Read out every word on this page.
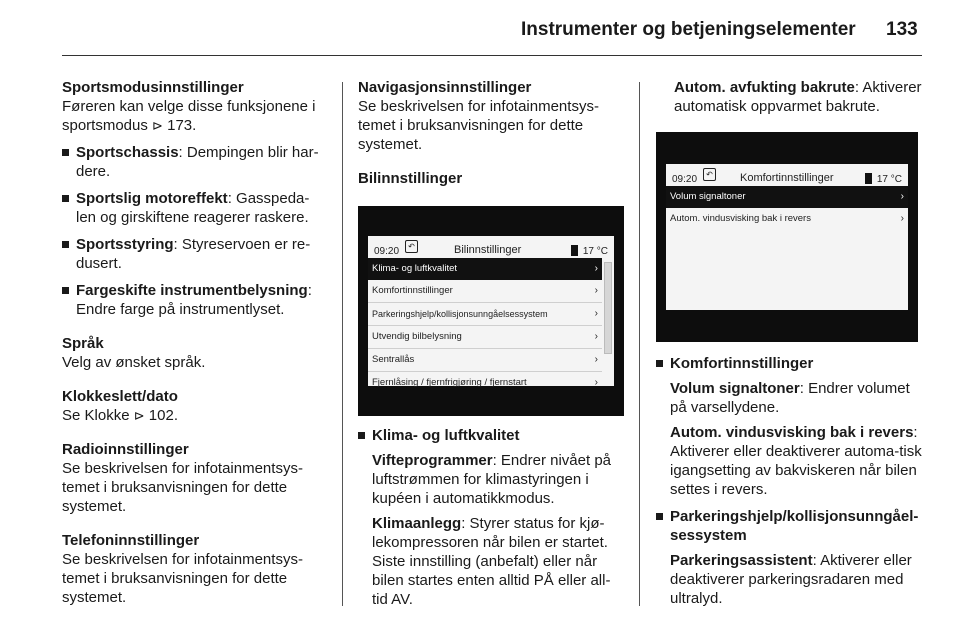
Instrumenter og betjeningselementer 133
Sportsmodusinnstillinger
Føreren kan velge disse funksjonene i sportsmodus ⊳ 173.
Sportschassis: Dempingen blir har-dere.
Sportslig motoreffekt: Gasspeda-len og girskiftene reagerer raskere.
Sportsstyring: Styreservoen er re-dusert.
Fargeskifte instrumentbelysning: Endre farge på instrumentlyset.
Språk
Velg av ønsket språk.
Klokkeslett/dato
Se Klokke ⊳ 102.
Radioinnstillinger
Se beskrivelsen for infotainmentsys-temet i bruksanvisningen for dette systemet.
Telefoninnstillinger
Se beskrivelsen for infotainmentsys-temet i bruksanvisningen for dette systemet.
Navigasjonsinnstillinger
Se beskrivelsen for infotainmentsys-temet i bruksanvisningen for dette systemet.
Bilinnstillinger
09:20	↶	Bilinnstillinger	17 °C
Klima- og luftkvalitet	›
Komfortinnstillinger	›
Parkeringshjelp/kollisjonsunngåelsessystem	›
Utvendig bilbelysning	›
Sentrallås	›
Fjernlåsing / fjernfrigjøring / fjernstart	›
Klima- og luftkvalitet
Vifteprogrammer: Endrer nivået på luftstrømmen for klimastyringen i kupéen i automatikkmodus.
Klimaanlegg: Styrer status for kjø-lekompressoren når bilen er startet. Siste innstilling (anbefalt) eller når bilen startes enten alltid PÅ eller all-tid AV.
Autom. avfukting bakrute: Aktiverer automatisk oppvarmet bakrute.
09:20	↶ Komfortinnstillinger	17 °C
Volum signaltoner	›
Autom. vindusvisking bak i revers	›
Komfortinnstillinger
Volum signaltoner: Endrer volumet på varsellydene.
Autom. vindusvisking bak i revers: Aktiverer eller deaktiverer automa-tisk igangsetting av bakviskeren når bilen settes i revers.
Parkeringshjelp/kollisjonsunngåel-sessystem
Parkeringsassistent: Aktiverer eller deaktiverer parkeringsradaren med ultralyd.
